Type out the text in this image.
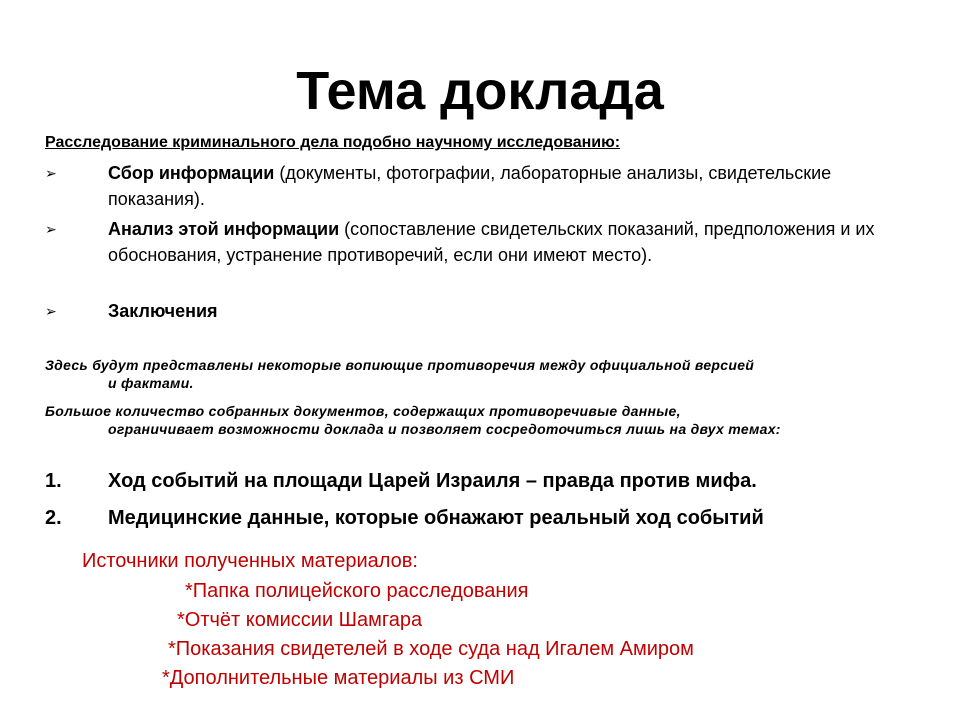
Тема доклада
Расследование криминального дела подобно научному исследованию:
➢	Сбор информации (документы, фотографии, лабораторные анализы, свидетельские показания).
➢	Анализ этой информации (сопоставление свидетельских показаний, предположения и их обоснования, устранение противоречий, если они имеют место).
➢	Заключения
Здесь будут представлены некоторые вопиющие противоречия между официальной версией
и фактами.
Большое количество собранных документов, содержащих противоречивые данные,
ограничивает возможности доклада и позволяет сосредоточиться лишь на двух темах:
1.	Ход событий на площади Царей Израиля – правда против мифа.
2.	Медицинские данные, которые обнажают реальный ход событий
Источники полученных материалов:
*Папка полицейского расследования
*Отчёт комиссии Шамгара
*Показания свидетелей в ходе суда над Игалем Амиром
*Дополнительные материалы из СМИ
